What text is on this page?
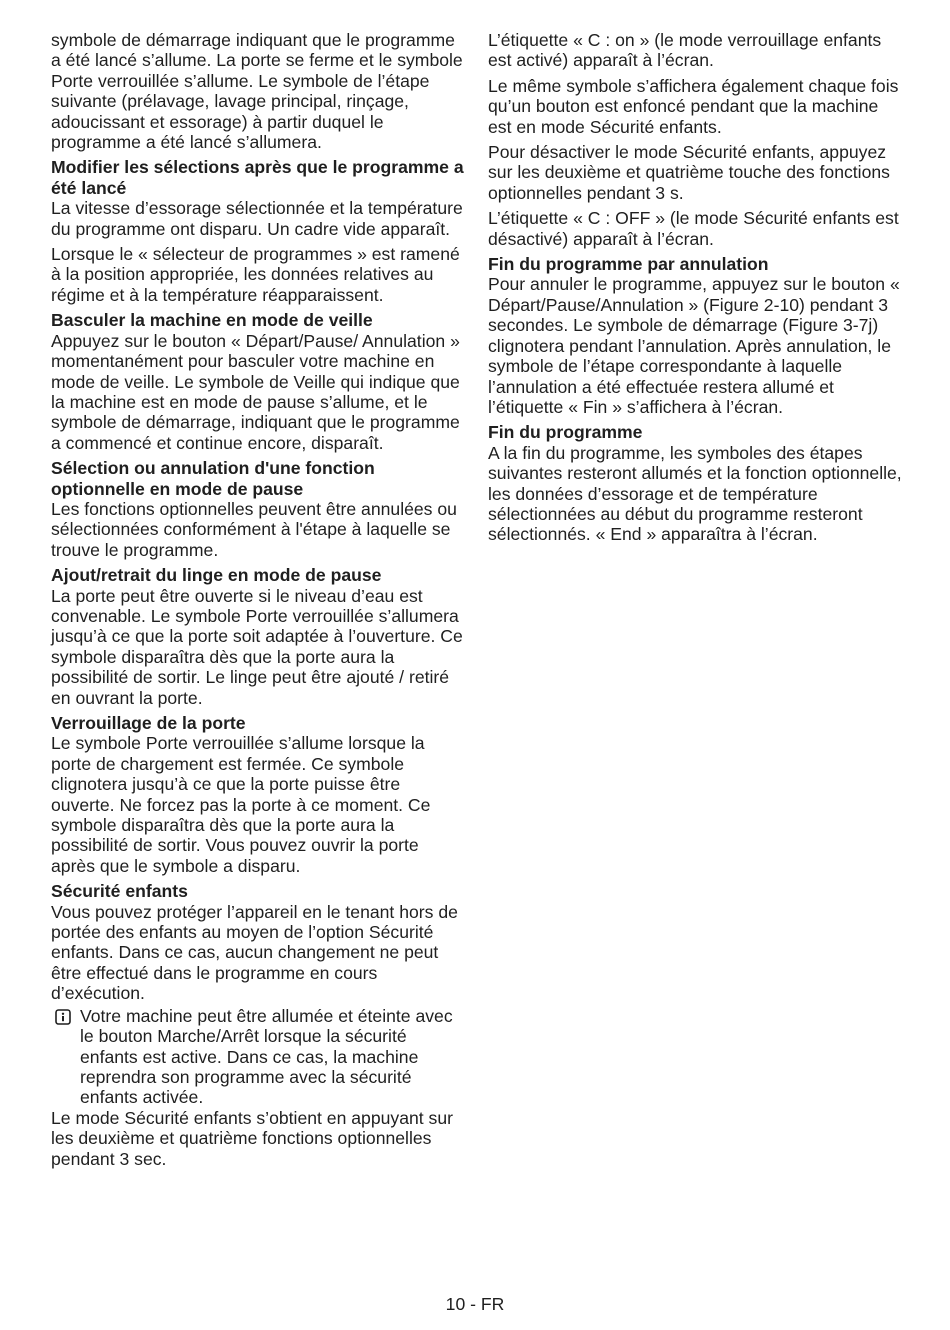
symbole de démarrage indiquant que le programme a été lancé s’allume. La porte se ferme et le symbole Porte verrouillée s’allume. Le symbole de l’étape suivante (prélavage, lavage principal, rinçage, adoucissant et essorage) à partir duquel le programme a été lancé s’allumera.

Modifier les sélections après que le programme a été lancé

La vitesse d’essorage sélectionnée et la température du programme ont disparu. Un cadre vide apparaît.

Lorsque le « sélecteur de programmes » est ramené à la position appropriée, les données relatives au régime et à la température réapparaissent.

Basculer la machine en mode de veille

Appuyez sur le bouton « Départ/Pause/ Annulation » momentanément pour basculer votre machine en mode de veille. Le symbole de Veille qui indique que la machine est en mode de pause s’allume, et le symbole de démarrage, indiquant que le programme a commencé et continue encore, disparaît.

Sélection ou annulation d'une fonction optionnelle en mode de pause

Les fonctions optionnelles peuvent être annulées ou sélectionnées conformément à l'étape à laquelle se trouve le programme.

Ajout/retrait du linge en mode de pause

La porte peut être ouverte si le niveau d’eau est convenable. Le symbole Porte verrouillée s’allumera jusqu’à ce que la porte soit adaptée à l’ouverture. Ce symbole disparaîtra dès que la porte aura la possibilité de sortir. Le linge peut être ajouté / retiré en ouvrant la porte.

Verrouillage de la porte

Le symbole Porte verrouillée s’allume lorsque la porte de chargement est fermée. Ce symbole clignotera jusqu’à ce que la porte puisse être ouverte. Ne forcez pas la porte à ce moment. Ce symbole disparaîtra dès que la porte aura la possibilité de sortir. Vous pouvez ouvrir la porte après que le symbole a disparu.

Sécurité enfants

Vous pouvez protéger l’appareil en le tenant hors de portée des enfants au moyen de l’option Sécurité enfants. Dans ce cas, aucun changement ne peut être effectué dans le programme en cours d’exécution.

Votre machine peut être allumée et éteinte avec le bouton Marche/Arrêt lorsque la sécurité enfants est active. Dans ce cas, la machine reprendra son programme avec la sécurité enfants activée.

Le mode Sécurité enfants s’obtient en appuyant sur les deuxième et quatrième fonctions optionnelles pendant 3 sec.

L’étiquette « C : on » (le mode verrouillage enfants est activé) apparaît à l’écran.

Le même symbole s’affichera également chaque fois qu’un bouton est enfoncé pendant que la machine est en mode Sécurité enfants.

Pour désactiver le mode Sécurité enfants, appuyez sur les deuxième et quatrième touche des fonctions optionnelles pendant 3 s.

L’étiquette « C : OFF » (le mode Sécurité enfants est désactivé) apparaît à l’écran.

Fin du programme par annulation

Pour annuler le programme, appuyez sur le bouton « Départ/Pause/Annulation » (Figure 2-10) pendant 3 secondes. Le symbole de démarrage (Figure 3-7j) clignotera pendant l’annulation. Après annulation, le symbole de l’étape correspondante à laquelle l’annulation a été effectuée restera allumé et l’étiquette « Fin » s’affichera à l’écran.

Fin du programme

A la fin du programme, les symboles des étapes suivantes resteront allumés et la fonction optionnelle, les données d’essorage et de température sélectionnées au début du programme resteront sélectionnés. « End » apparaîtra à l’écran.

10 - FR
